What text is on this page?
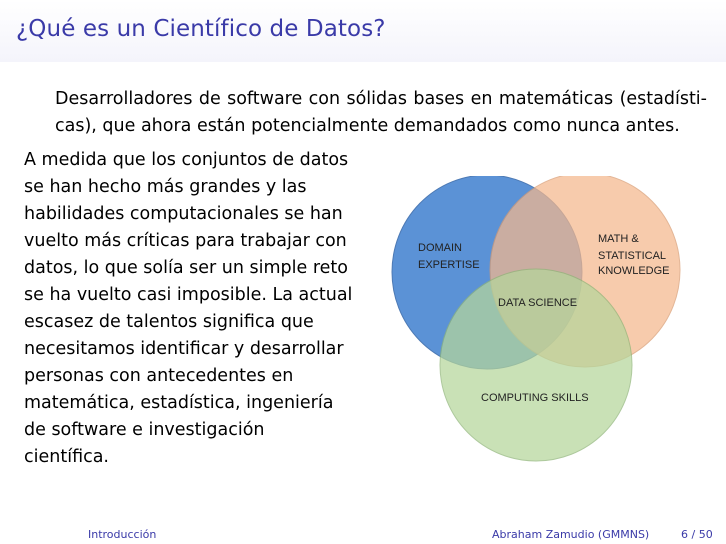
¿Qué es un Científico de Datos?

Desarrolladores de software con sólidas bases en matemáticas (estadísti-cas), que ahora están potencialmente demandados como nunca antes.

A medida que los conjuntos de datos se han hecho más grandes y las habilidades computacionales se han vuelto más críticas para trabajar con datos, lo que solía ser un simple reto se ha vuelto casi imposible. La actual escasez de talentos significa que necesitamos identificar y desarrollar personas con antecedentes en matemática, estadística, ingeniería de software e investigación científica.

DOMAIN
EXPERTISE
MATH &
STATISTICAL
KNOWLEDGE
DATA SCIENCE
COMPUTING SKILLS
Introducción	Abraham Zamudio (GMMNS)	6 / 50
